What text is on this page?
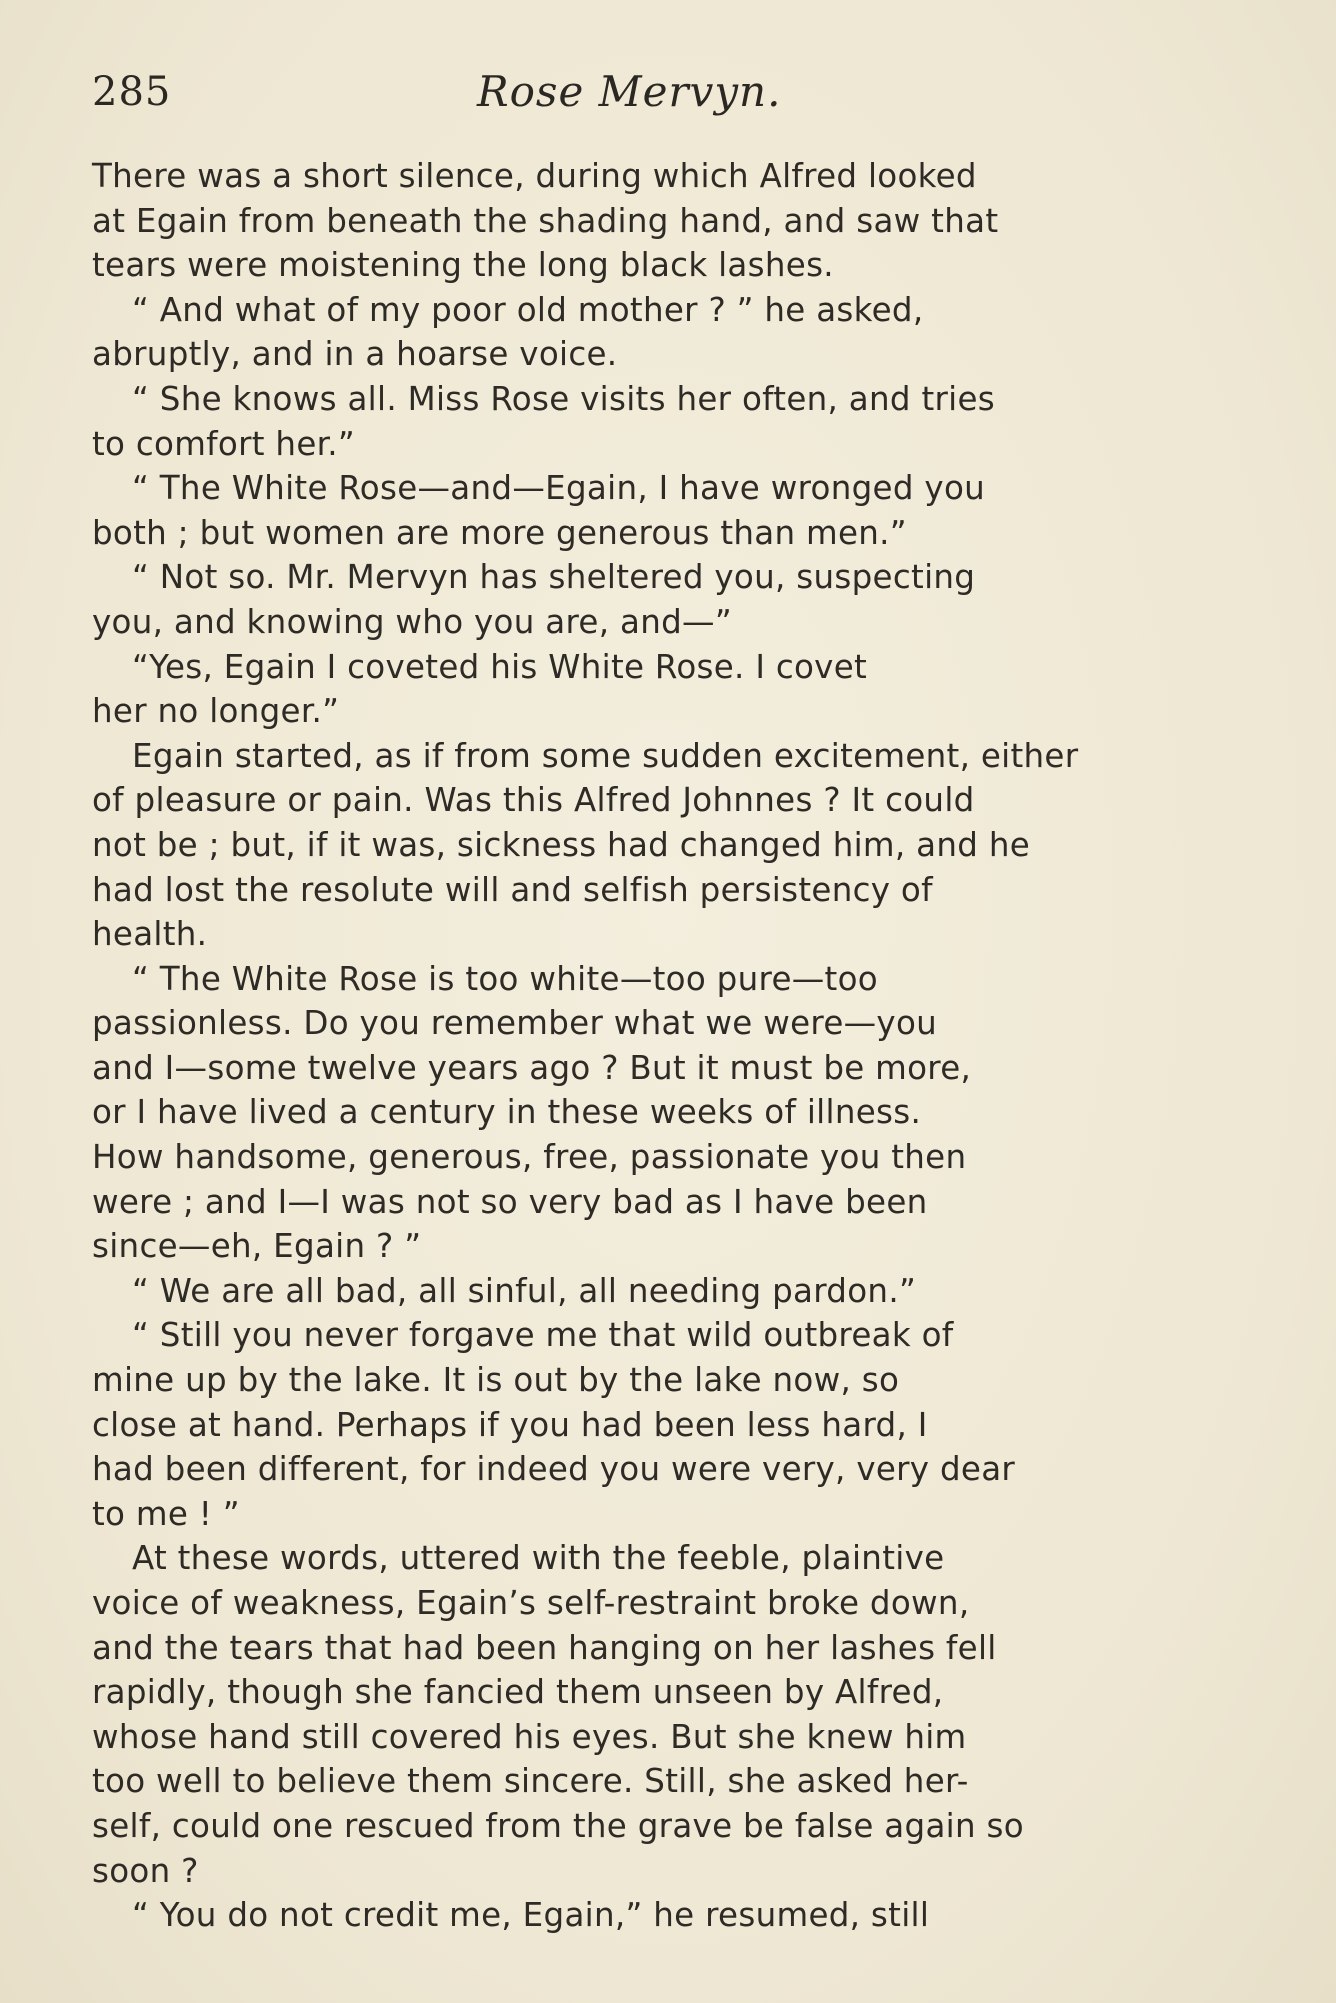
285	Rose Mervyn.

There was a short silence, during which Alfred looked
at Egain from beneath the shading hand, and saw that
tears were moistening the long black lashes.

“ And what of my poor old mother ? ” he asked,
abruptly, and in a hoarse voice.

“ She knows all. Miss Rose visits her often, and tries
to comfort her.”

“ The White Rose—and—Egain, I have wronged you
both ; but women are more generous than men.”

“ Not so. Mr. Mervyn has sheltered you, suspecting
you, and knowing who you are, and—”

“Yes, Egain I coveted his White Rose. I covet
her no longer.”

Egain started, as if from some sudden excitement, either
of pleasure or pain. Was this Alfred Johnnes ? It could
not be ; but, if it was, sickness had changed him, and he
had lost the resolute will and selfish persistency of
health.

“ The White Rose is too white—too pure—too
passionless. Do you remember what we were—you
and I—some twelve years ago ? But it must be more,
or I have lived a century in these weeks of illness.
How handsome, generous, free, passionate you then
were ; and I—I was not so very bad as I have been
since—eh, Egain ? ”

“ We are all bad, all sinful, all needing pardon.”

“ Still you never forgave me that wild outbreak of
mine up by the lake. It is out by the lake now, so
close at hand. Perhaps if you had been less hard, I
had been different, for indeed you were very, very dear
to me ! ”

At these words, uttered with the feeble, plaintive
voice of weakness, Egain’s self-restraint broke down,
and the tears that had been hanging on her lashes fell
rapidly, though she fancied them unseen by Alfred,
whose hand still covered his eyes. But she knew him
too well to believe them sincere. Still, she asked her-
self, could one rescued from the grave be false again so
soon ?

“ You do not credit me, Egain,” he resumed, still
